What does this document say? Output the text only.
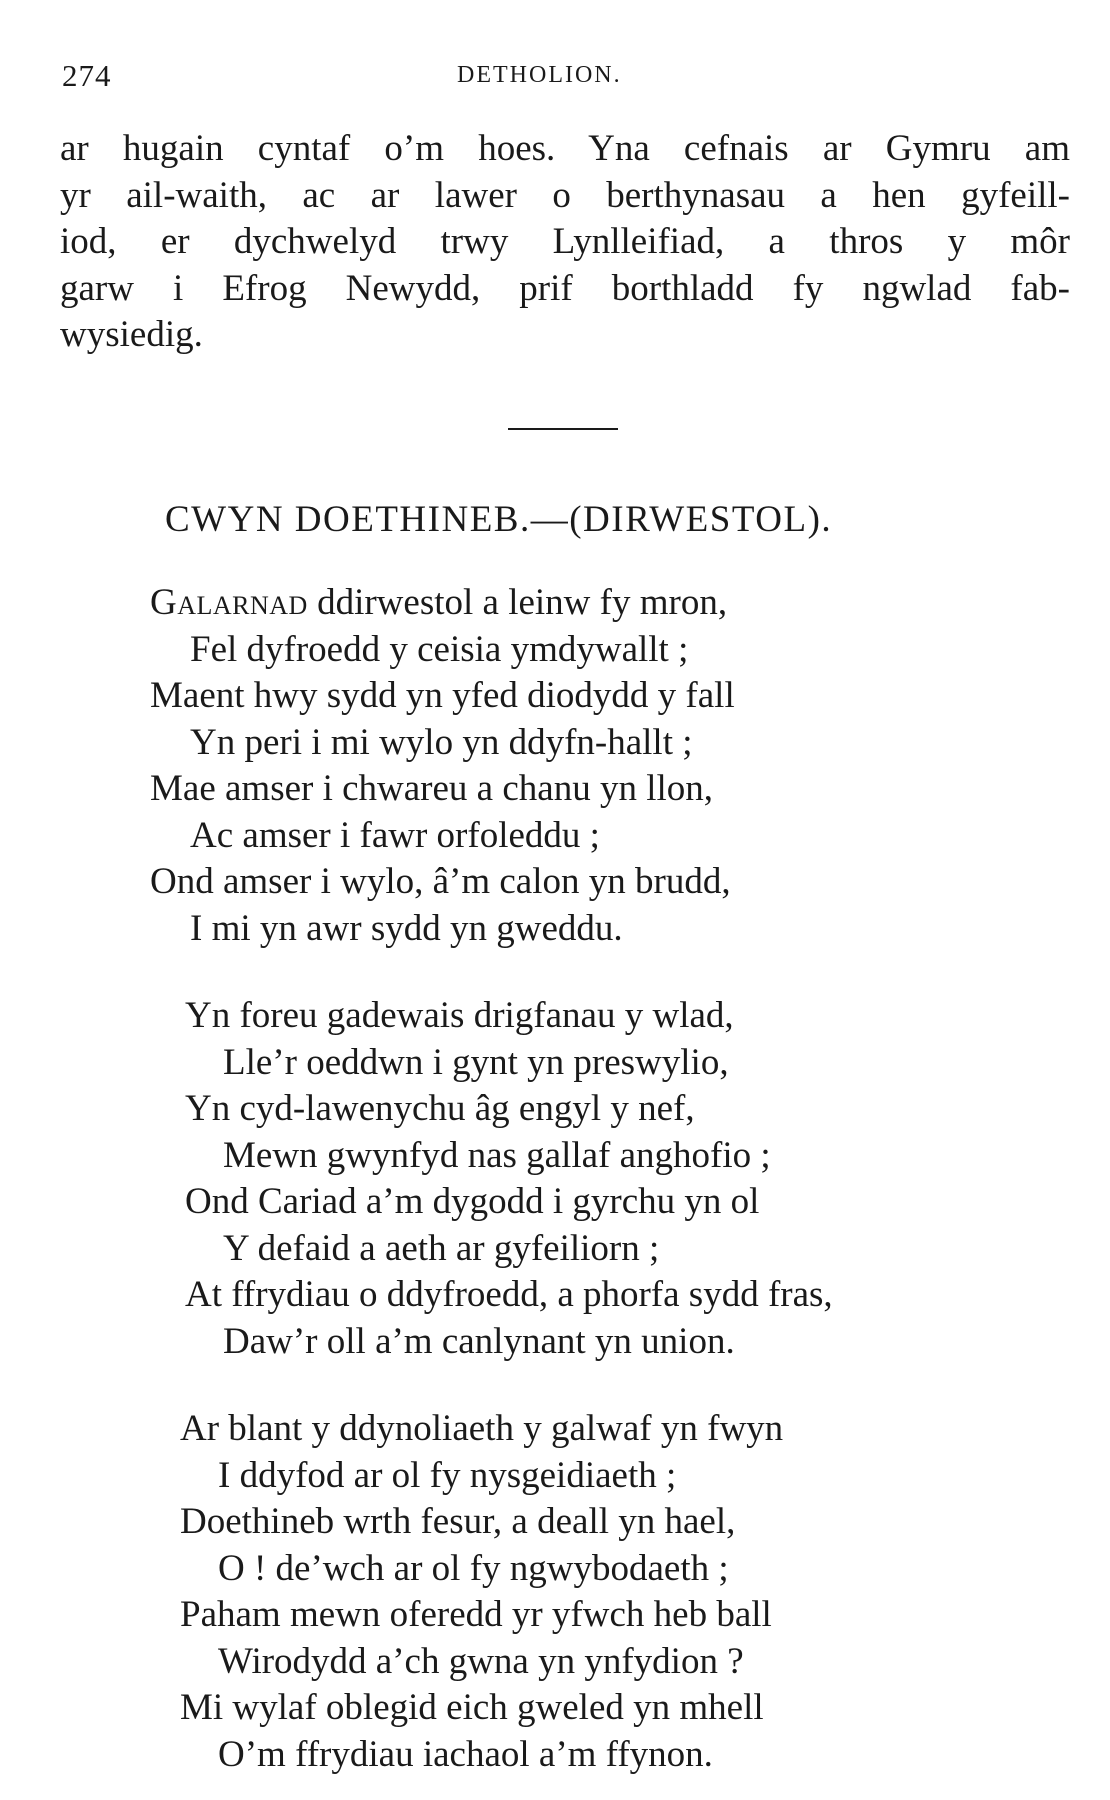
274	DETHOLION.

ar hugain cyntaf o’m hoes. Yna cefnais ar Gymru am
yr ail-waith, ac ar lawer o berthynasau a hen gyfeill-
iod, er dychwelyd trwy Lynlleifiad, a thros y môr
garw i Efrog Newydd, prif borthladd fy ngwlad fab-
wysiedig.

CWYN DOETHINEB.—(DIRWESTOL).

Galarnad ddirwestol a leinw fy mron,
Fel dyfroedd y ceisia ymdywallt ;
Maent hwy sydd yn yfed diodydd y fall
Yn peri i mi wylo yn ddyfn-hallt ;
Mae amser i chwareu a chanu yn llon,
Ac amser i fawr orfoleddu ;
Ond amser i wylo, â’m calon yn brudd,
I mi yn awr sydd yn gweddu.

Yn foreu gadewais drigfanau y wlad,
Lle’r oeddwn i gynt yn preswylio,
Yn cyd-lawenychu âg engyl y nef,
Mewn gwynfyd nas gallaf anghofio ;
Ond Cariad a’m dygodd i gyrchu yn ol
Y defaid a aeth ar gyfeiliorn ;
At ffrydiau o ddyfroedd, a phorfa sydd fras,
Daw’r oll a’m canlynant yn union.

Ar blant y ddynoliaeth y galwaf yn fwyn
I ddyfod ar ol fy nysgeidiaeth ;
Doethineb wrth fesur, a deall yn hael,
O ! de’wch ar ol fy ngwybodaeth ;
Paham mewn oferedd yr yfwch heb ball
Wirodydd a’ch gwna yn ynfydion ?
Mi wylaf oblegid eich gweled yn mhell
O’m ffrydiau iachaol a’m ffynon.
